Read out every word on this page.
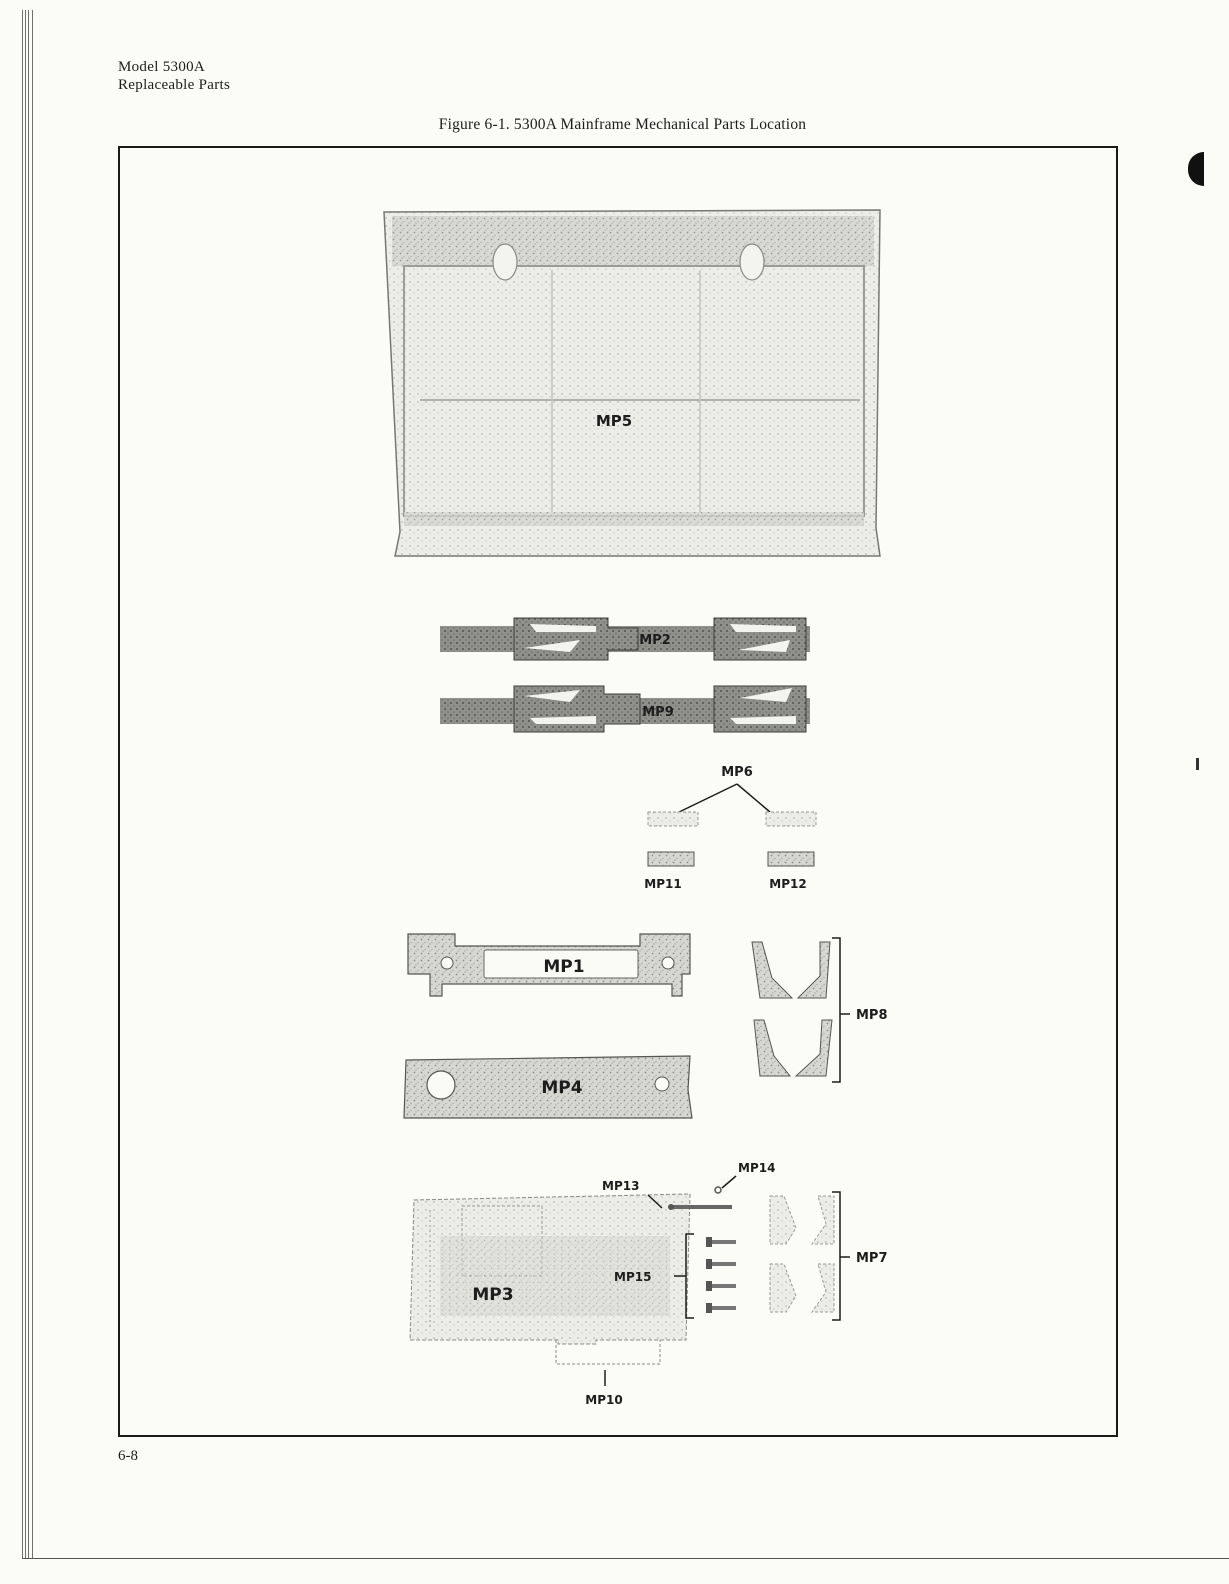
Model 5300A
Replaceable Parts
Figure 6-1. 5300A Mainframe Mechanical Parts Location
MP5
MP2
MP9
MP6
MP11	MP12
MP1
MP4
MP8
MP3
MP10
MP13
MP14
MP15
MP7
6-8
